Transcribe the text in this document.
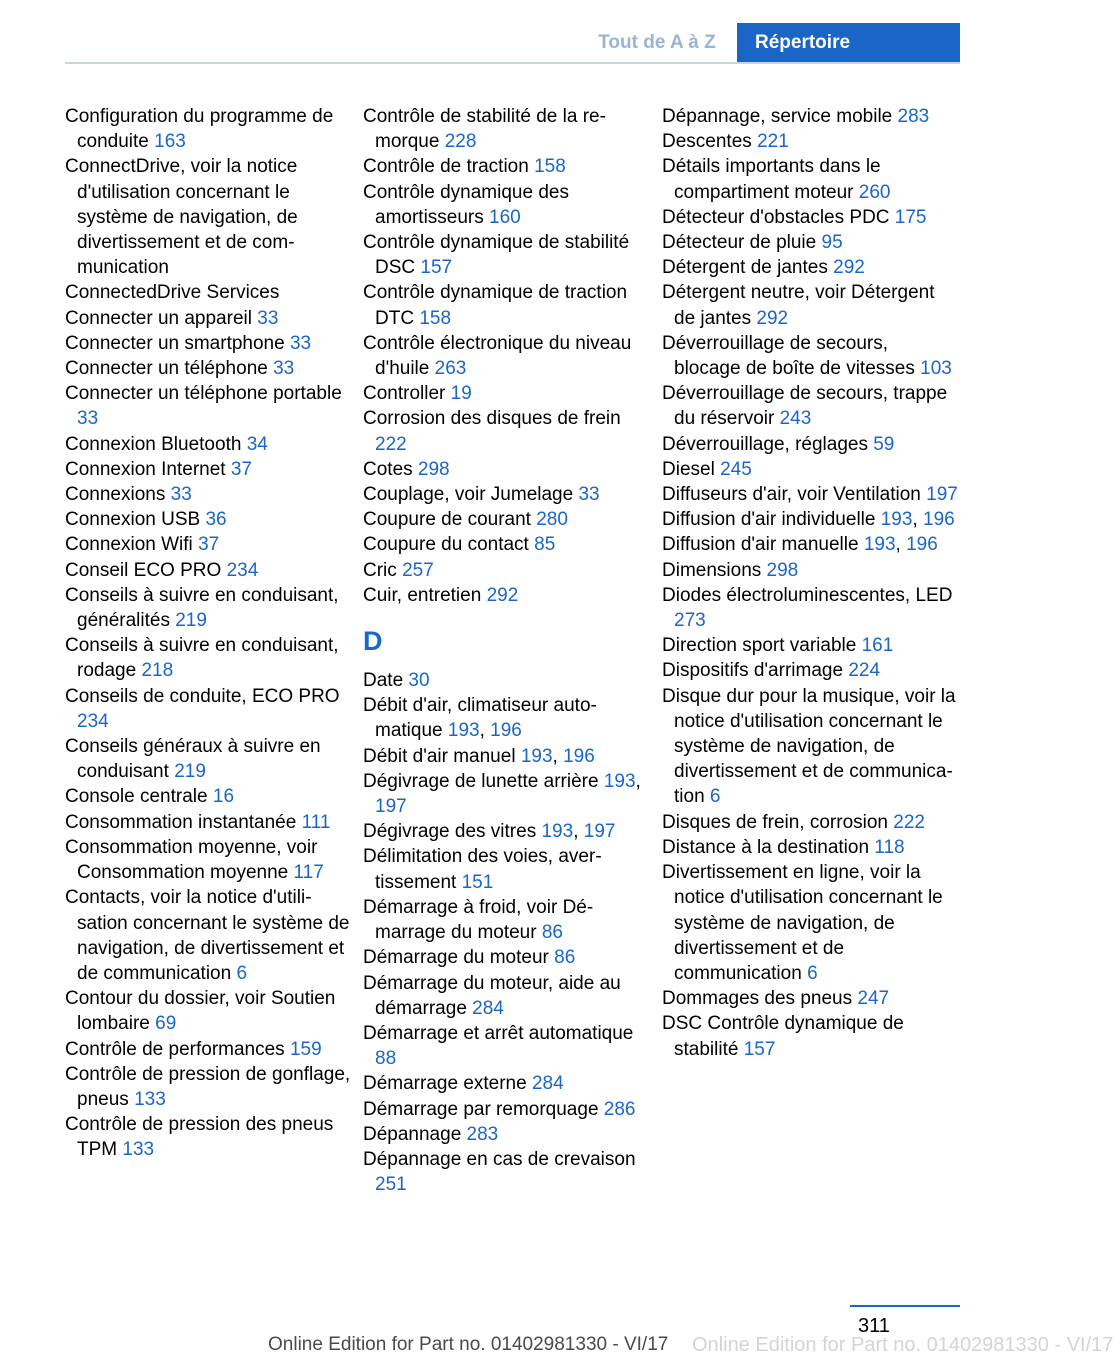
Tout de A à Z	Répertoire
Configuration du programme de conduite 163
ConnectDrive, voir la notice d'utilisation concernant le système de navigation, de divertissement et de communication
ConnectedDrive Services
Connecter un appareil 33
Connecter un smartphone 33
Connecter un téléphone 33
Connecter un téléphone portable 33
Connexion Bluetooth 34
Connexion Internet 37
Connexions 33
Connexion USB 36
Connexion Wifi 37
Conseil ECO PRO 234
Conseils à suivre en conduisant, généralités 219
Conseils à suivre en conduisant, rodage 218
Conseils de conduite, ECO PRO 234
Conseils généraux à suivre en conduisant 219
Console centrale 16
Consommation instantanée 111
Consommation moyenne, voir Consommation moyenne 117
Contacts, voir la notice d'utilisation concernant le système de navigation, de divertissement et de communication 6
Contour du dossier, voir Soutien lombaire 69
Contrôle de performances 159
Contrôle de pression de gonflage, pneus 133
Contrôle de pression des pneus TPM 133
Contrôle de stabilité de la remorque 228
Contrôle de traction 158
Contrôle dynamique des amortisseurs 160
Contrôle dynamique de stabilité DSC 157
Contrôle dynamique de traction DTC 158
Contrôle électronique du niveau d'huile 263
Controller 19
Corrosion des disques de frein 222
Cotes 298
Couplage, voir Jumelage 33
Coupure de courant 280
Coupure du contact 85
Cric 257
Cuir, entretien 292
D
Date 30
Débit d'air, climatiseur automatique 193, 196
Débit d'air manuel 193, 196
Dégivrage de lunette arrière 193, 197
Dégivrage des vitres 193, 197
Délimitation des voies, avertissement 151
Démarrage à froid, voir Démarrage du moteur 86
Démarrage du moteur 86
Démarrage du moteur, aide au démarrage 284
Démarrage et arrêt automatique 88
Démarrage externe 284
Démarrage par remorquage 286
Dépannage 283
Dépannage en cas de crevaison 251
Dépannage, service mobile 283
Descentes 221
Détails importants dans le compartiment moteur 260
Détecteur d'obstacles PDC 175
Détecteur de pluie 95
Détergent de jantes 292
Détergent neutre, voir Détergent de jantes 292
Déverrouillage de secours, blocage de boîte de vitesses 103
Déverrouillage de secours, trappe du réservoir 243
Déverrouillage, réglages 59
Diesel 245
Diffuseurs d'air, voir Ventilation 197
Diffusion d'air individuelle 193, 196
Diffusion d'air manuelle 193, 196
Dimensions 298
Diodes électroluminescentes, LED 273
Direction sport variable 161
Dispositifs d'arrimage 224
Disque dur pour la musique, voir la notice d'utilisation concernant le système de navigation, de divertissement et de communication 6
Disques de frein, corrosion 222
Distance à la destination 118
Divertissement en ligne, voir la notice d'utilisation concernant le système de navigation, de divertissement et de communication 6
Dommages des pneus 247
DSC Contrôle dynamique de stabilité 157
311
Online Edition for Part no. 01402981330 - VI/17	Online Edition for Part no. 01402981330 - VI/17
